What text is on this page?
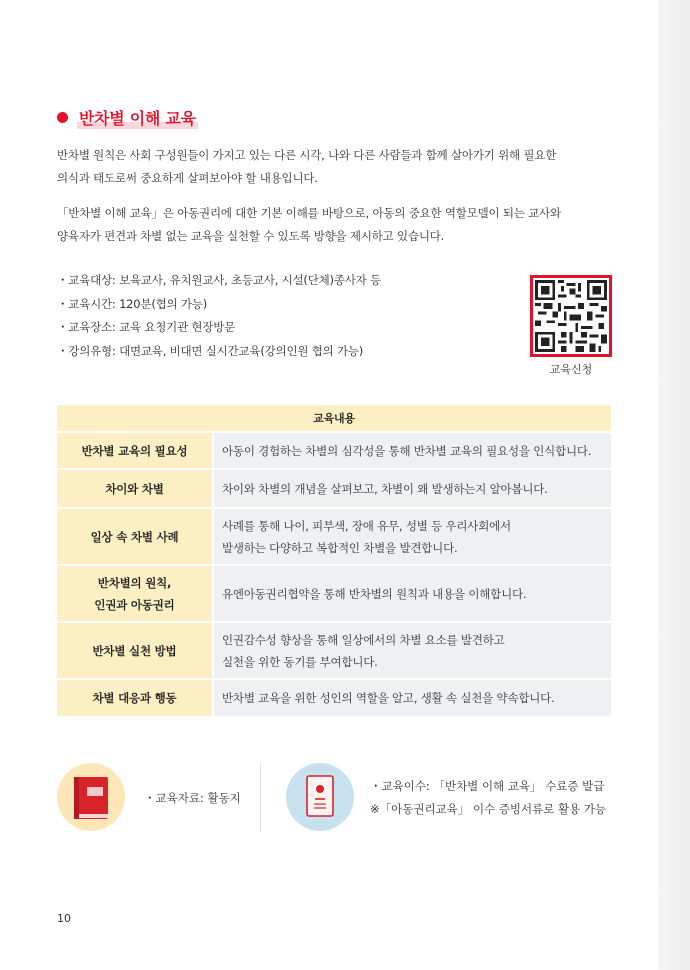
반차별 이해 교육

반차별 원칙은 사회 구성원들이 가지고 있는 다른 시각, 나와 다른 사람들과 함께 살아가기 위해 필요한

의식과 태도로써 중요하게 살펴보아야 할 내용입니다.

「반차별 이해 교육」은 아동권리에 대한 기본 이해를 바탕으로, 아동의 중요한 역할모델이 되는 교사와

양육자가 편견과 차별 없는 교육을 실천할 수 있도록 방향을 제시하고 있습니다.

・교육대상: 보육교사, 유치원교사, 초등교사, 시설(단체)종사자 등
・교육시간: 120분(협의 가능)
・교육장소: 교육 요청기관 현장방문
・강의유형: 대면교육, 비대면 실시간교육(강의인원 협의 가능)
교육신청
교육내용	

반차별 교육의 필요성	아동이 경험하는 차별의 심각성을 통해 반차별 교육의 필요성을 인식합니다.

차이와 차별	차이와 차별의 개념을 살펴보고, 차별이 왜 발생하는지 알아봅니다.

일상 속 차별 사례	사례를 통해 나이, 피부색, 장애 유무, 성별 등 우리사회에서
발생하는 다양하고 복합적인 차별을 발견합니다.

반차별의 원칙,
인권과 아동권리	유엔아동권리협약을 통해 반차별의 원칙과 내용을 이해합니다.

반차별 실천 방법	인권감수성 향상을 통해 일상에서의 차별 요소를 발견하고
실천을 위한 동기를 부여합니다.

차별 대응과 행동	반차별 교육을 위한 성인의 역할을 알고, 생활 속 실천을 약속합니다.
・교육자료: 활동지
・교육이수: 「반차별 이해 교육」 수료증 발급
※「아동권리교육」 이수 증빙서류로 활용 가능
10
